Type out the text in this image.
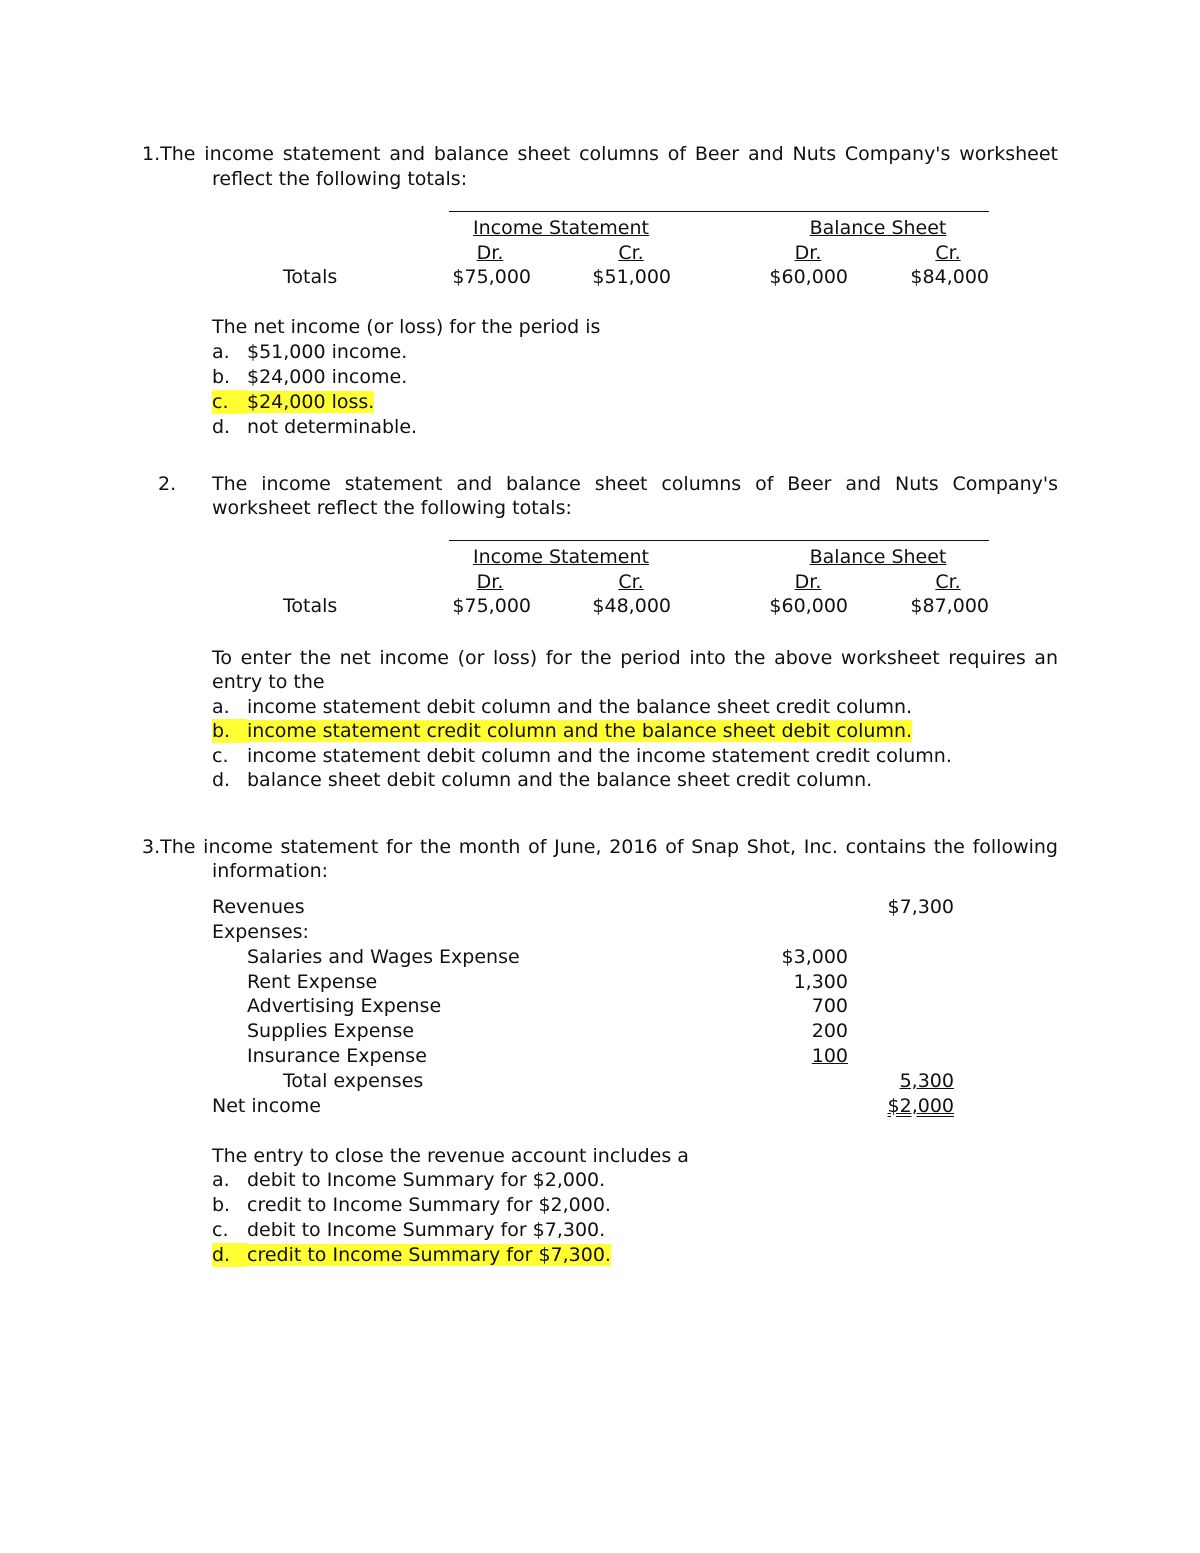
1.The income statement and balance sheet columns of Beer and Nuts Company's worksheet
reflect the following totals:
Income Statement	Balance Sheet
Dr.	Cr.	Dr.	Cr.
Totals	$75,000	$51,000	$60,000	$84,000
The net income (or loss) for the period is
a. $51,000 income.
b. $24,000 income.
c. $24,000 loss.
d. not determinable.
2. The income statement and balance sheet columns of Beer and Nuts Company's
worksheet reflect the following totals:
Income Statement	Balance Sheet
Dr.	Cr.	Dr.	Cr.
Totals	$75,000	$48,000	$60,000	$87,000
To enter the net income (or loss) for the period into the above worksheet requires an
entry to the
a. income statement debit column and the balance sheet credit column.
b. income statement credit column and the balance sheet debit column.
c. income statement debit column and the income statement credit column.
d. balance sheet debit column and the balance sheet credit column.
3.The income statement for the month of June, 2016 of Snap Shot, Inc. contains the following
information:
Revenues	$7,300
Expenses:
Salaries and Wages Expense	$3,000
Rent Expense	1,300
Advertising Expense	700
Supplies Expense	200
Insurance Expense	100
Total expenses	5,300
Net income	$2,000
The entry to close the revenue account includes a
a. debit to Income Summary for $2,000.
b. credit to Income Summary for $2,000.
c. debit to Income Summary for $7,300.
d. credit to Income Summary for $7,300.
